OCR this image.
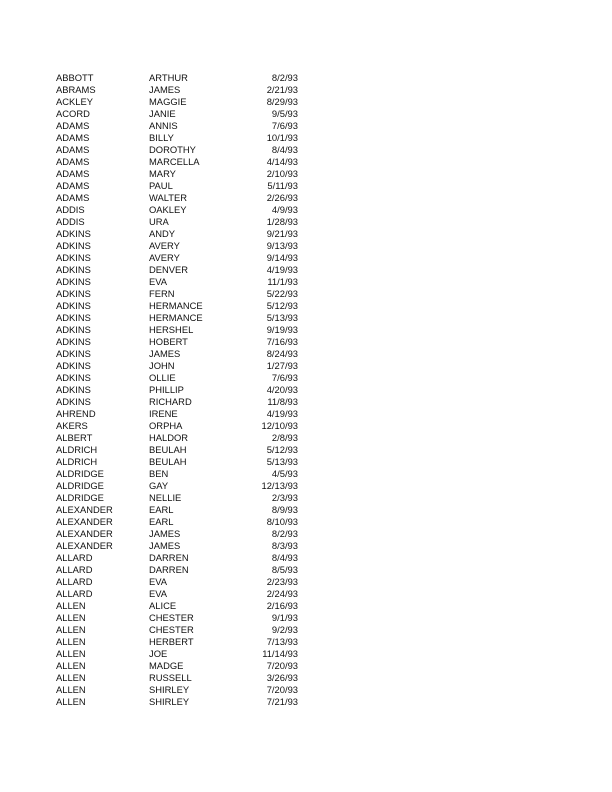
ABBOTT	ARTHUR	8/2/93
ABRAMS	JAMES	2/21/93
ACKLEY	MAGGIE	8/29/93
ACORD	JANIE	9/5/93
ADAMS	ANNIS	7/6/93
ADAMS	BILLY	10/1/93
ADAMS	DOROTHY	8/4/93
ADAMS	MARCELLA	4/14/93
ADAMS	MARY	2/10/93
ADAMS	PAUL	5/11/93
ADAMS	WALTER	2/26/93
ADDIS	OAKLEY	4/9/93
ADDIS	URA	1/28/93
ADKINS	ANDY	9/21/93
ADKINS	AVERY	9/13/93
ADKINS	AVERY	9/14/93
ADKINS	DENVER	4/19/93
ADKINS	EVA	11/1/93
ADKINS	FERN	5/22/93
ADKINS	HERMANCE	5/12/93
ADKINS	HERMANCE	5/13/93
ADKINS	HERSHEL	9/19/93
ADKINS	HOBERT	7/16/93
ADKINS	JAMES	8/24/93
ADKINS	JOHN	1/27/93
ADKINS	OLLIE	7/6/93
ADKINS	PHILLIP	4/20/93
ADKINS	RICHARD	11/8/93
AHREND	IRENE	4/19/93
AKERS	ORPHA	12/10/93
ALBERT	HALDOR	2/8/93
ALDRICH	BEULAH	5/12/93
ALDRICH	BEULAH	5/13/93
ALDRIDGE	BEN	4/5/93
ALDRIDGE	GAY	12/13/93
ALDRIDGE	NELLIE	2/3/93
ALEXANDER	EARL	8/9/93
ALEXANDER	EARL	8/10/93
ALEXANDER	JAMES	8/2/93
ALEXANDER	JAMES	8/3/93
ALLARD	DARREN	8/4/93
ALLARD	DARREN	8/5/93
ALLARD	EVA	2/23/93
ALLARD	EVA	2/24/93
ALLEN	ALICE	2/16/93
ALLEN	CHESTER	9/1/93
ALLEN	CHESTER	9/2/93
ALLEN	HERBERT	7/13/93
ALLEN	JOE	11/14/93
ALLEN	MADGE	7/20/93
ALLEN	RUSSELL	3/26/93
ALLEN	SHIRLEY	7/20/93
ALLEN	SHIRLEY	7/21/93
